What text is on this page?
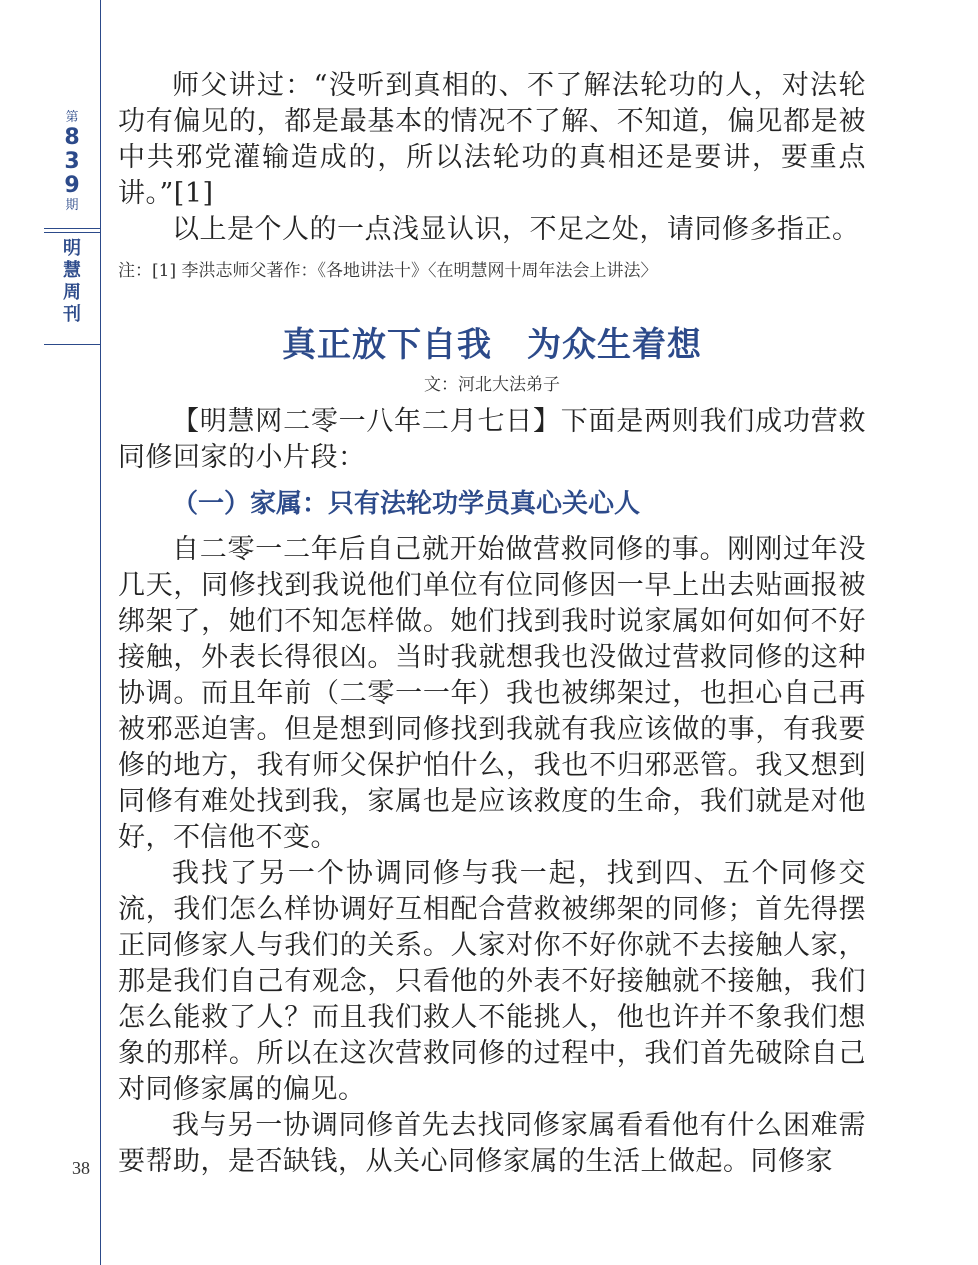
第
8
3
9
期
明
慧
周
刊
38

师父讲过：“没听到真相的、不了解法轮功的人，对法轮功有偏见的，都是最基本的情况不了解、不知道，偏见都是被中共邪党灌输造成的，所以法轮功的真相还是要讲，要重点讲。”[1]

以上是个人的一点浅显认识，不足之处，请同修多指正。

注：[1] 李洪志师父著作：《各地讲法十》〈在明慧网十周年法会上讲法〉

真正放下自我　为众生着想
文：河北大法弟子

【明慧网二零一八年二月七日】下面是两则我们成功营救同修回家的小片段：

（一）家属：只有法轮功学员真心关心人

自二零一二年后自己就开始做营救同修的事。刚刚过年没几天，同修找到我说他们单位有位同修因一早上出去贴画报被绑架了，她们不知怎样做。她们找到我时说家属如何如何不好接触，外表长得很凶。当时我就想我也没做过营救同修的这种协调。而且年前（二零一一年）我也被绑架过，也担心自己再被邪恶迫害。但是想到同修找到我就有我应该做的事，有我要修的地方，我有师父保护怕什么，我也不归邪恶管。我又想到同修有难处找到我，家属也是应该救度的生命，我们就是对他好，不信他不变。

我找了另一个协调同修与我一起，找到四、五个同修交流，我们怎么样协调好互相配合营救被绑架的同修；首先得摆正同修家人与我们的关系。人家对你不好你就不去接触人家，那是我们自己有观念，只看他的外表不好接触就不接触，我们怎么能救了人？而且我们救人不能挑人，他也许并不象我们想象的那样。所以在这次营救同修的过程中，我们首先破除自己对同修家属的偏见。

我与另一协调同修首先去找同修家属看看他有什么困难需要帮助，是否缺钱，从关心同修家属的生活上做起。同修家
